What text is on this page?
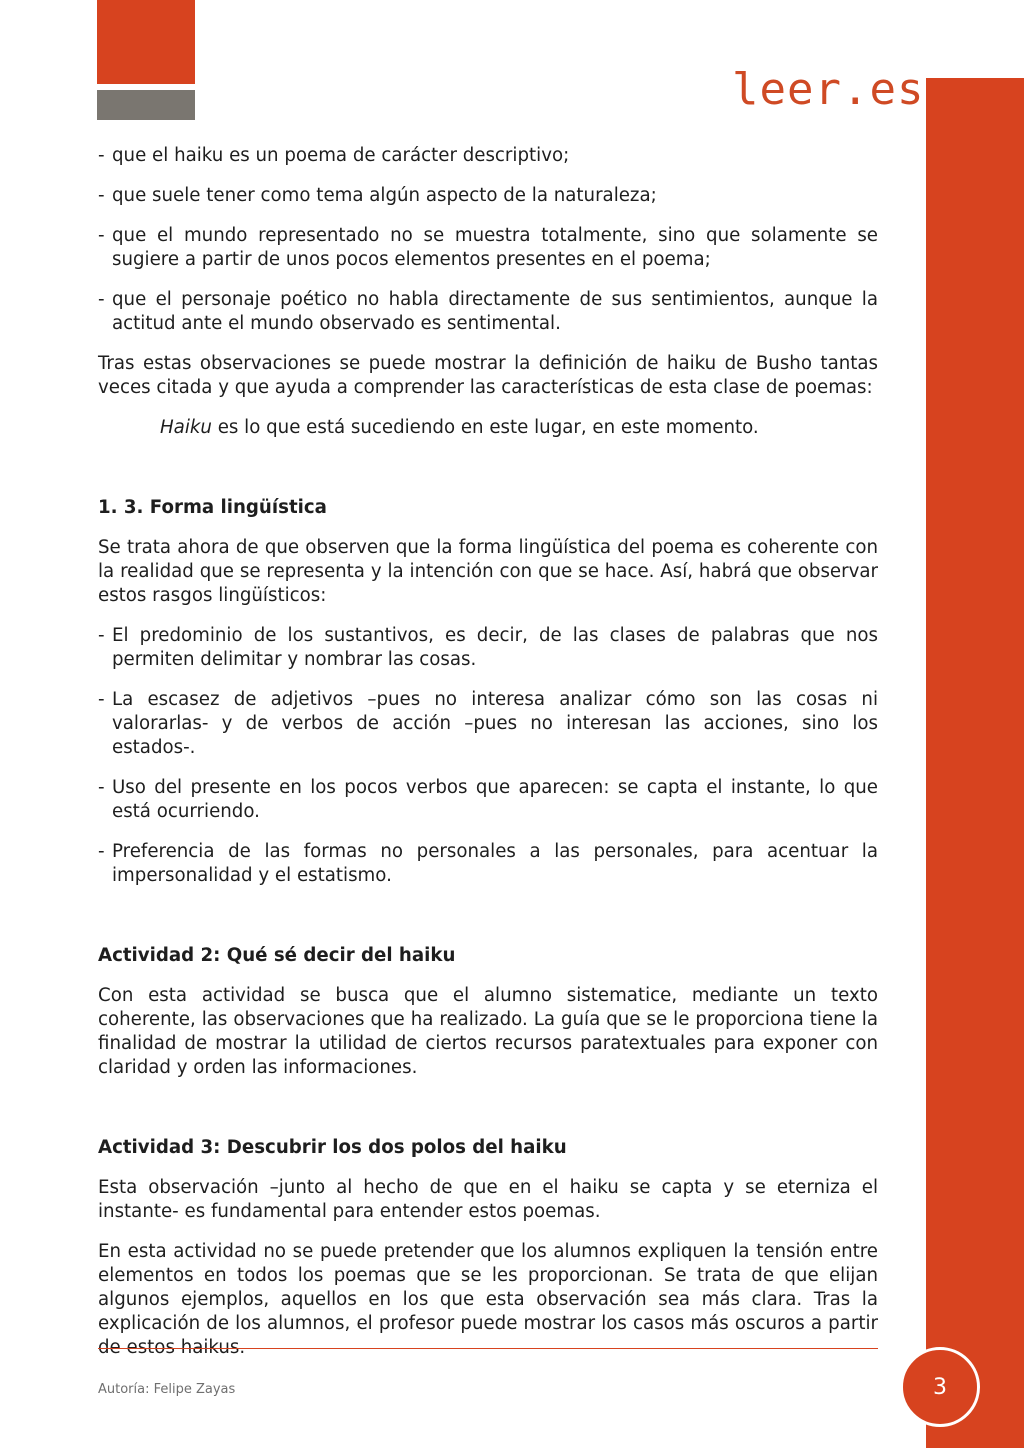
leer.es
- que el haiku es un poema de carácter descriptivo;
- que suele tener como tema algún aspecto de la naturaleza;
- que el mundo representado no se muestra totalmente, sino que solamente se sugiere a partir de unos pocos elementos presentes en el poema;
- que el personaje poético no habla directamente de sus sentimientos, aunque la actitud ante el mundo observado es sentimental.

Tras estas observaciones se puede mostrar la definición de haiku de Busho tantas veces citada y que ayuda a comprender las características de esta clase de poemas:

Haiku es lo que está sucediendo en este lugar, en este momento.

1. 3. Forma lingüística

Se trata ahora de que observen que la forma lingüística del poema es coherente con la realidad que se representa y la intención con que se hace. Así, habrá que observar estos rasgos lingüísticos:

- El predominio de los sustantivos, es decir, de las clases de palabras que nos permiten delimitar y nombrar las cosas.
- La escasez de adjetivos –pues no interesa analizar cómo son las cosas ni valorarlas- y de verbos de acción –pues no interesan las acciones, sino los estados-.
- Uso del presente en los pocos verbos que aparecen: se capta el instante, lo que está ocurriendo.
- Preferencia de las formas no personales a las personales, para acentuar la impersonalidad y el estatismo.

Actividad 2: Qué sé decir del haiku

Con esta actividad se busca que el alumno sistematice, mediante un texto coherente, las observaciones que ha realizado. La guía que se le proporciona tiene la finalidad de mostrar la utilidad de ciertos recursos paratextuales para exponer con claridad y orden las informaciones.

Actividad 3: Descubrir los dos polos del haiku

Esta observación –junto al hecho de que en el haiku se capta y se eterniza el instante- es fundamental para entender estos poemas.

En esta actividad no se puede pretender que los alumnos expliquen la tensión entre elementos en todos los poemas que se les proporcionan. Se trata de que elijan algunos ejemplos, aquellos en los que esta observación sea más clara. Tras la explicación de los alumnos, el profesor puede mostrar los casos más oscuros a partir de estos haikus.

Autoría: Felipe Zayas	3
